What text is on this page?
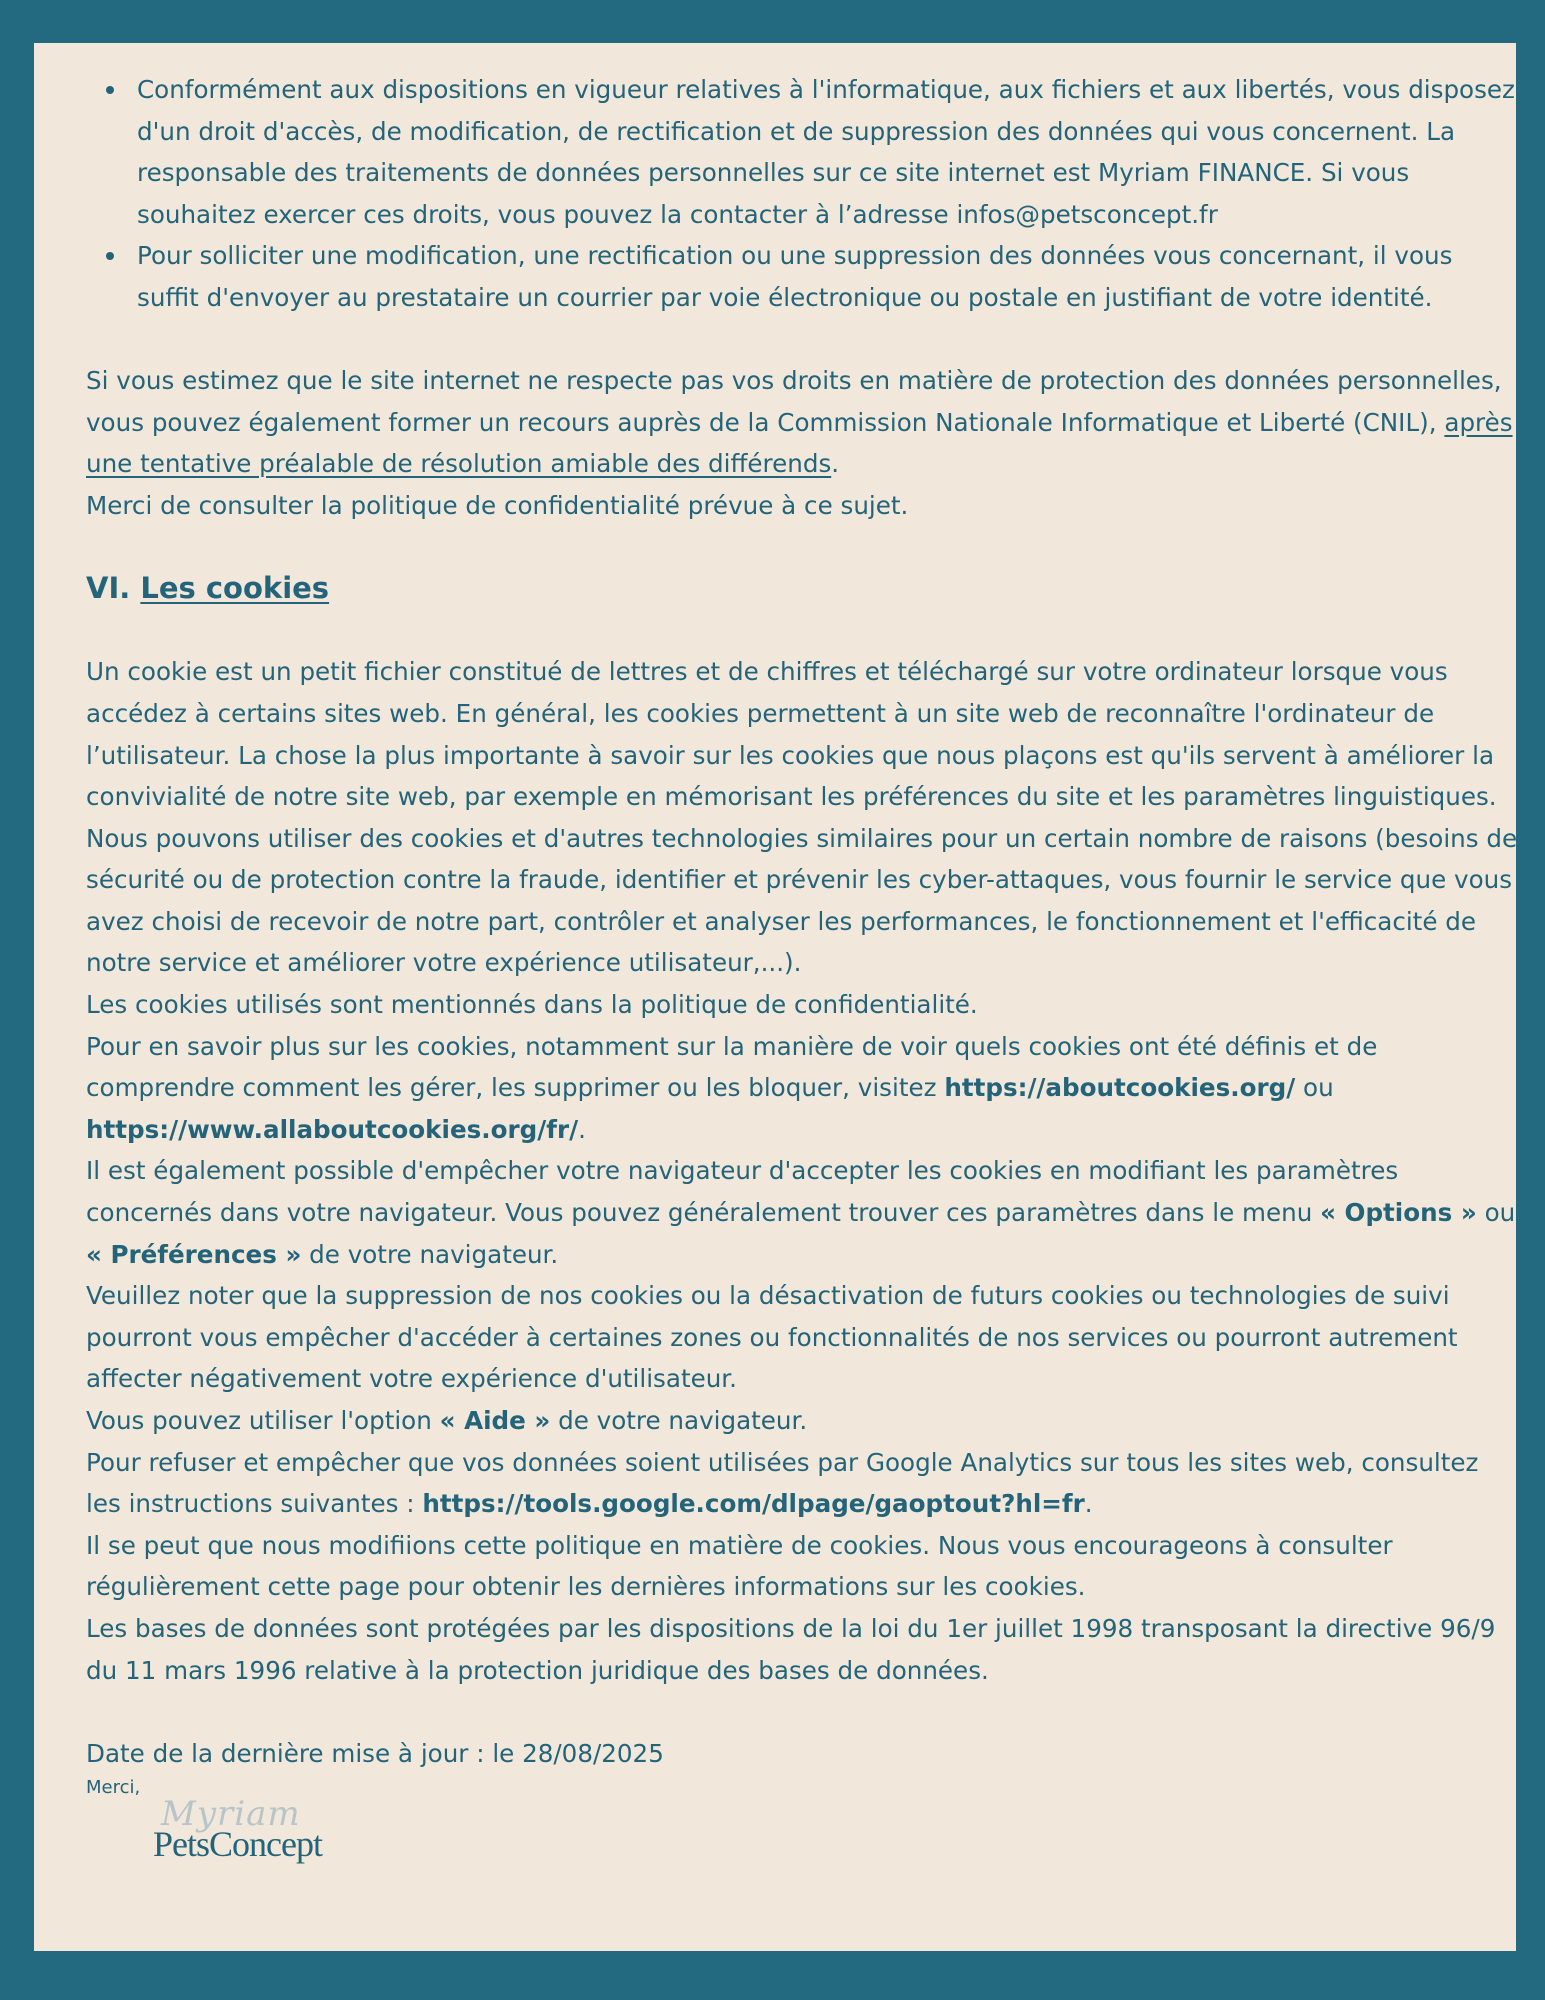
Conformément aux dispositions en vigueur relatives à l'informatique, aux fichiers et aux libertés, vous disposez d'un droit d'accès, de modification, de rectification et de suppression des données qui vous concernent. La responsable des traitements de données personnelles sur ce site internet est Myriam FINANCE. Si vous souhaitez exercer ces droits, vous pouvez la contacter à l’adresse infos@petsconcept.fr
Pour solliciter une modification, une rectification ou une suppression des données vous concernant, il vous suffit d'envoyer au prestataire un courrier par voie électronique ou postale en justifiant de votre identité.

Si vous estimez que le site internet ne respecte pas vos droits en matière de protection des données personnelles, vous pouvez également former un recours auprès de la Commission Nationale Informatique et Liberté (CNIL), après une tentative préalable de résolution amiable des différends.

Merci de consulter la politique de confidentialité prévue à ce sujet.

VI. Les cookies

Un cookie est un petit fichier constitué de lettres et de chiffres et téléchargé sur votre ordinateur lorsque vous accédez à certains sites web. En général, les cookies permettent à un site web de reconnaître l'ordinateur de l’utilisateur. La chose la plus importante à savoir sur les cookies que nous plaçons est qu'ils servent à améliorer la convivialité de notre site web, par exemple en mémorisant les préférences du site et les paramètres linguistiques.

Nous pouvons utiliser des cookies et d'autres technologies similaires pour un certain nombre de raisons (besoins de sécurité ou de protection contre la fraude, identifier et prévenir les cyber-attaques, vous fournir le service que vous avez choisi de recevoir de notre part, contrôler et analyser les performances, le fonctionnement et l'efficacité de notre service et améliorer votre expérience utilisateur,...).

Les cookies utilisés sont mentionnés dans la politique de confidentialité.

Pour en savoir plus sur les cookies, notamment sur la manière de voir quels cookies ont été définis et de comprendre comment les gérer, les supprimer ou les bloquer, visitez https://aboutcookies.org/ ou https://www.allaboutcookies.org/fr/.

Il est également possible d'empêcher votre navigateur d'accepter les cookies en modifiant les paramètres concernés dans votre navigateur. Vous pouvez généralement trouver ces paramètres dans le menu « Options » ou « Préférences » de votre navigateur.

Veuillez noter que la suppression de nos cookies ou la désactivation de futurs cookies ou technologies de suivi pourront vous empêcher d'accéder à certaines zones ou fonctionnalités de nos services ou pourront autrement affecter négativement votre expérience d'utilisateur.

Vous pouvez utiliser l'option « Aide » de votre navigateur.

Pour refuser et empêcher que vos données soient utilisées par Google Analytics sur tous les sites web, consultez les instructions suivantes : https://tools.google.com/dlpage/gaoptout?hl=fr.

Il se peut que nous modifiions cette politique en matière de cookies. Nous vous encourageons à consulter régulièrement cette page pour obtenir les dernières informations sur les cookies.

Les bases de données sont protégées par les dispositions de la loi du 1er juillet 1998 transposant la directive 96/9 du 11 mars 1996 relative à la protection juridique des bases de données.

Date de la dernière mise à jour : le 28/08/2025

Merci,

Myriam
PetsConcept
